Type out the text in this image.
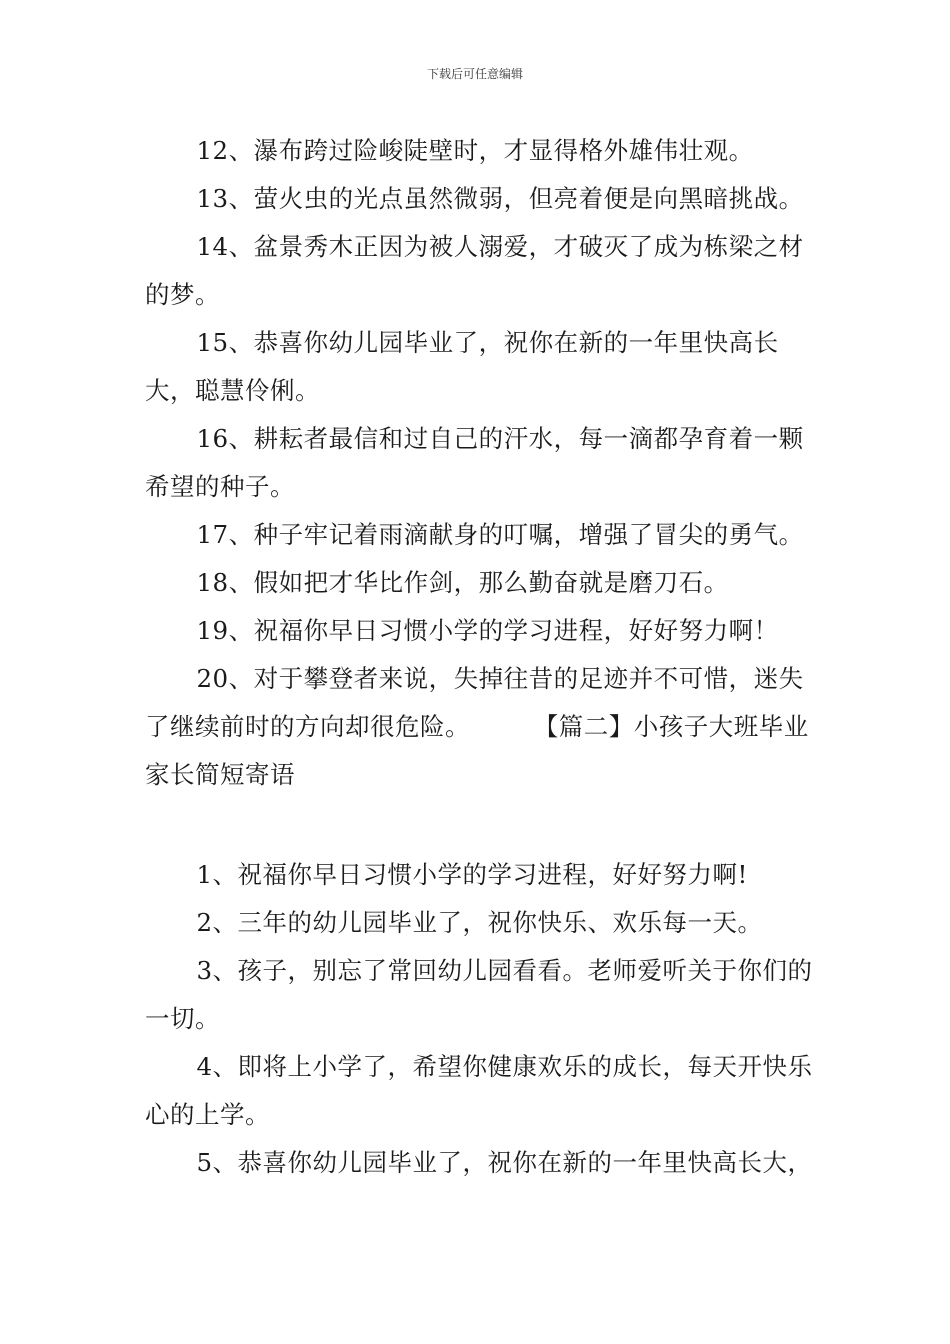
下载后可任意编辑

12、瀑布跨过险峻陡壁时，才显得格外雄伟壮观。

13、萤火虫的光点虽然微弱，但亮着便是向黑暗挑战。

14、盆景秀木正因为被人溺爱，才破灭了成为栋梁之材的梦。

15、恭喜你幼儿园毕业了，祝你在新的一年里快高长大，聪慧伶俐。

16、耕耘者最信和过自己的汗水，每一滴都孕育着一颗希望的种子。

17、种子牢记着雨滴献身的叮嘱，增强了冒尖的勇气。

18、假如把才华比作剑，那么勤奋就是磨刀石。

19、祝福你早日习惯小学的学习进程，好好努力啊！

20、对于攀登者来说，失掉往昔的足迹并不可惜，迷失了继续前时的方向却很危险。	【篇二】小孩子大班毕业家长简短寄语

1、祝福你早日习惯小学的学习进程，好好努力啊!

2、三年的幼儿园毕业了，祝你快乐、欢乐每一天。

3、孩子，别忘了常回幼儿园看看。老师爱听关于你们的一切。

4、即将上小学了，希望你健康欢乐的成长，每天开快乐心的上学。

5、恭喜你幼儿园毕业了，祝你在新的一年里快高长大，
